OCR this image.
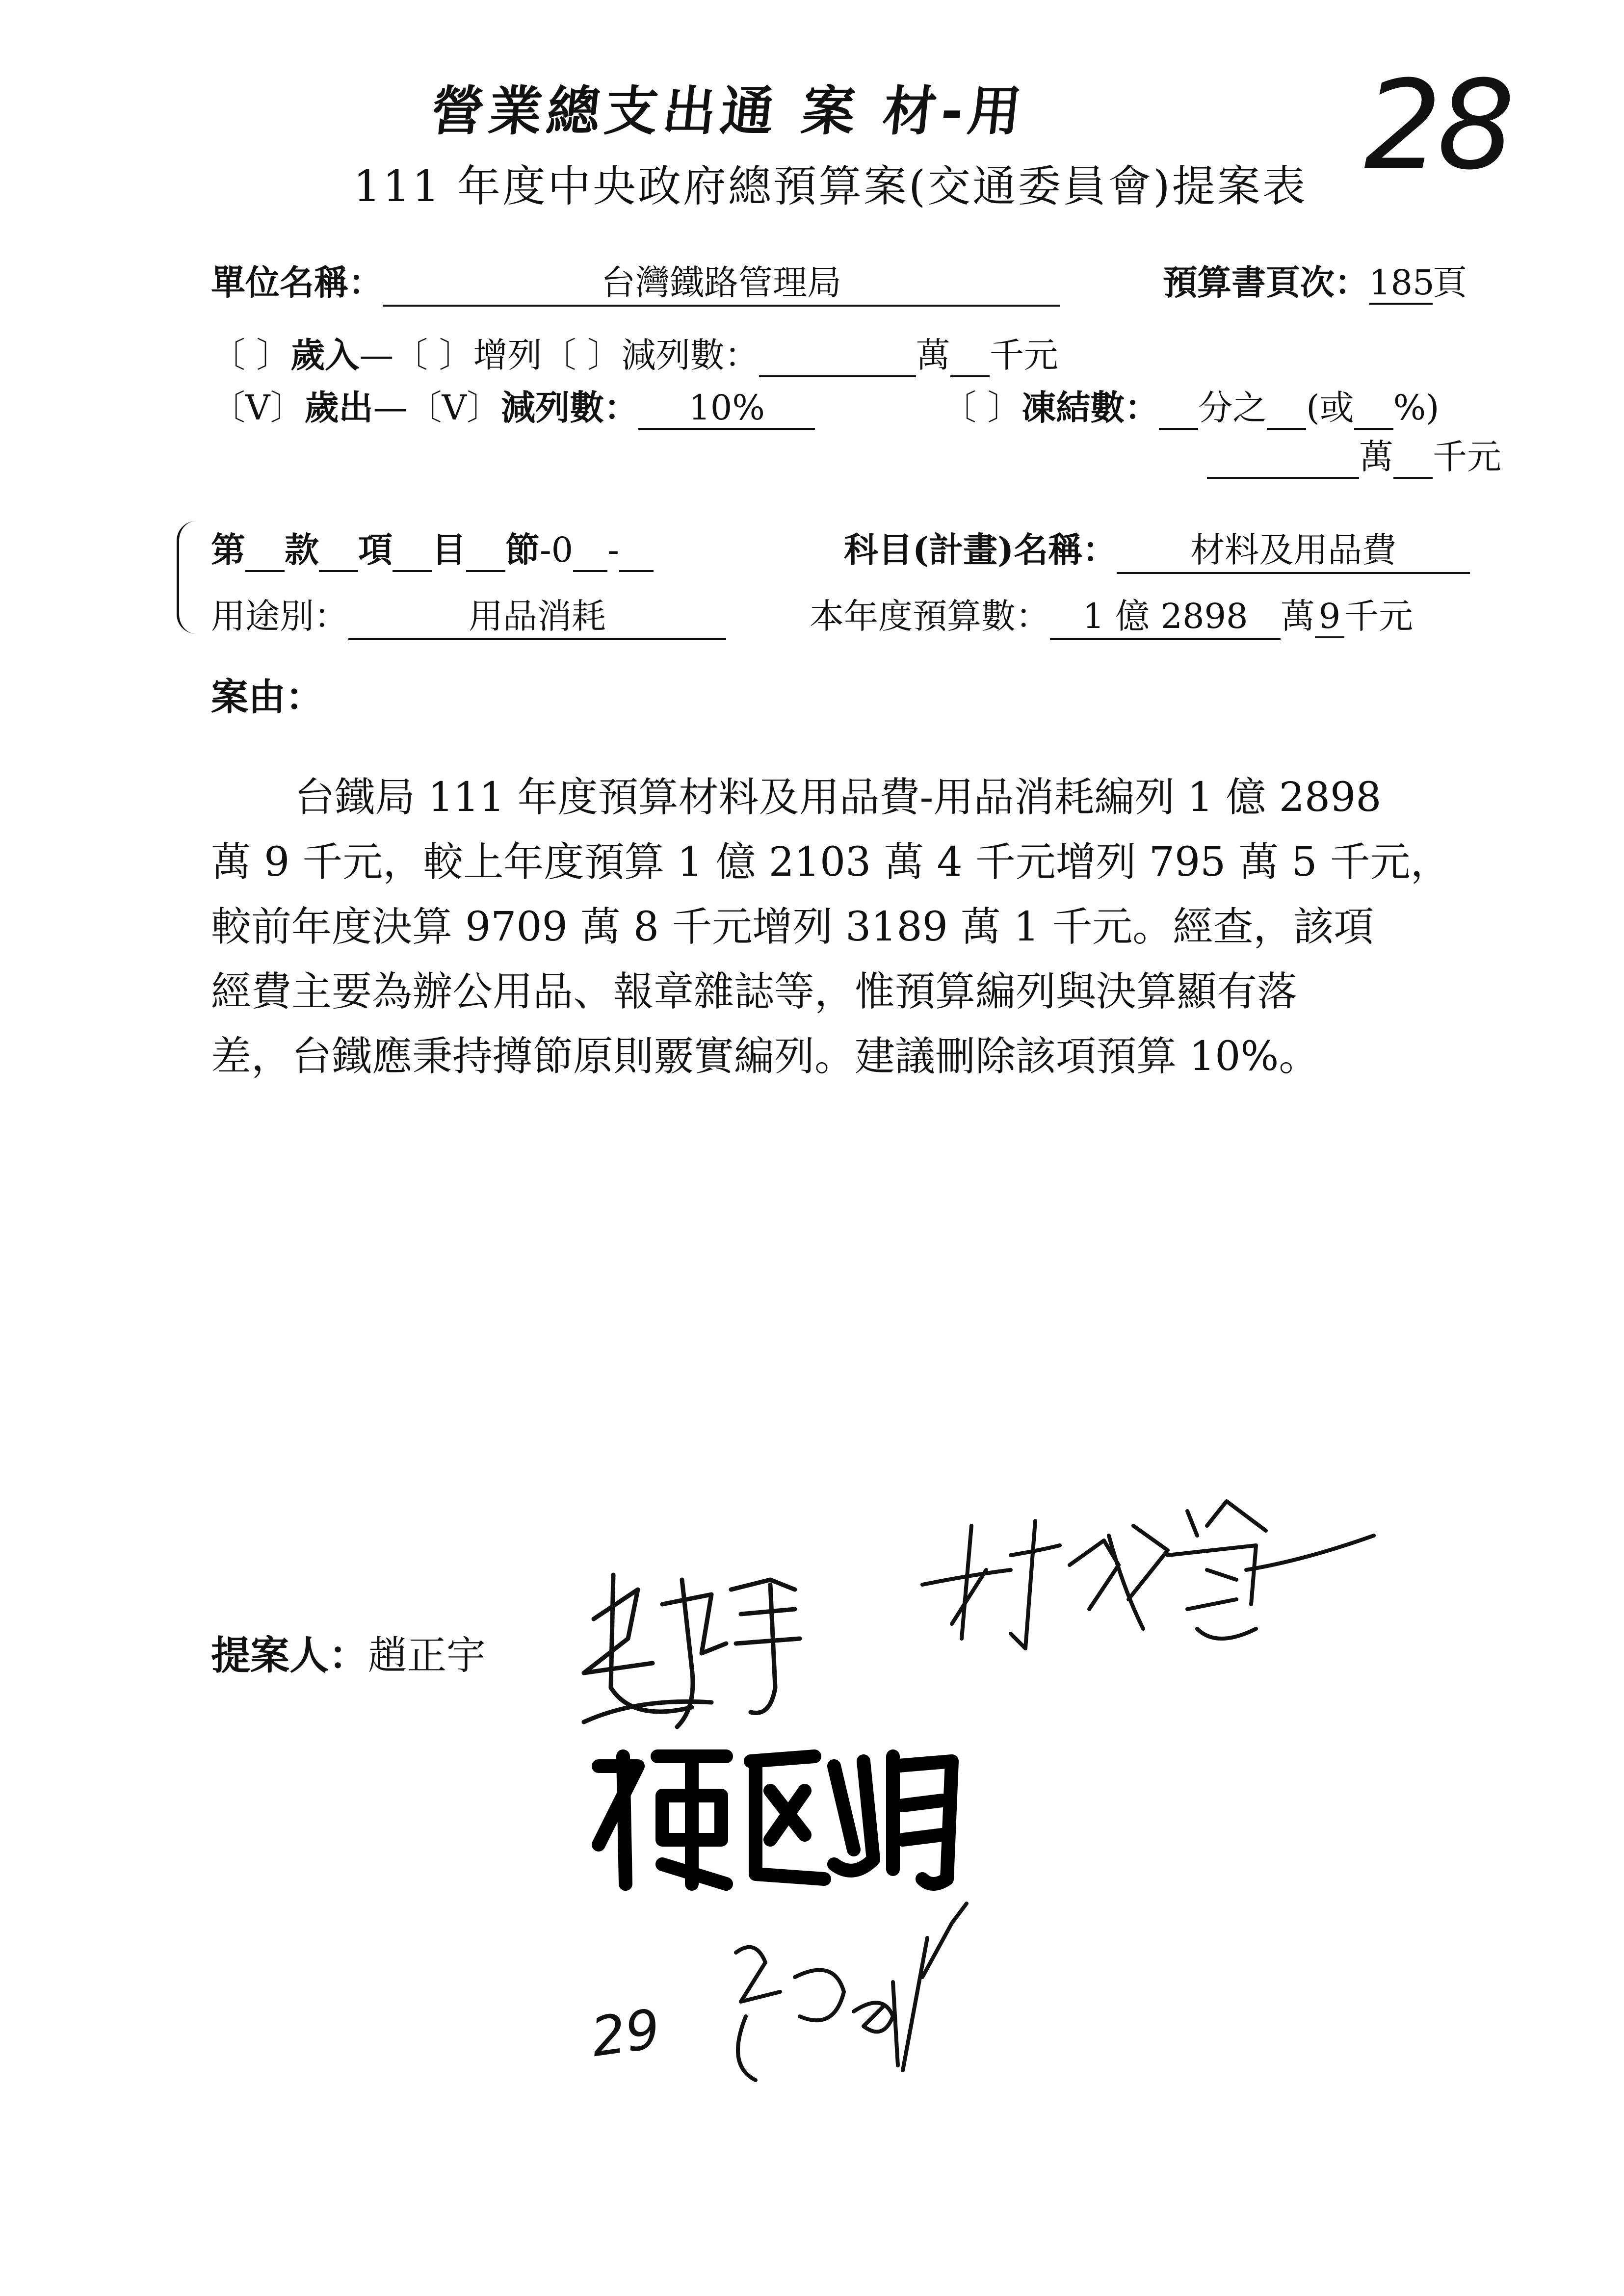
營業總支出通 案 材-用
111 年度中央政府總預算案(交通委員會)提案表 28
單位名稱：	台灣鐵路管理局	預算書頁次：185頁
〔 〕歲入—〔 〕增列〔 〕減列數：	萬 千元
〔V〕歲出—〔V〕減列數： 10%	〔 〕凍結數： 分之 (或 %)
萬 千元
第 款 項 目 節-0 -	科目(計畫)名稱： 材料及用品費
用途別：	用品消耗	本年度預算數： 1 億 2898 萬 9 千元
案由：
台鐵局 111 年度預算材料及用品費-用品消耗編列 1 億 2898
萬 9 千元，較上年度預算 1 億 2103 萬 4 千元增列 795 萬 5 千元，
較前年度決算 9709 萬 8 千元增列 3189 萬 1 千元。經查，該項
經費主要為辦公用品、報章雜誌等，惟預算編列與決算顯有落
差，台鐵應秉持撙節原則覈實編列。建議刪除該項預算 10%。
提案人：趙正宇
29
